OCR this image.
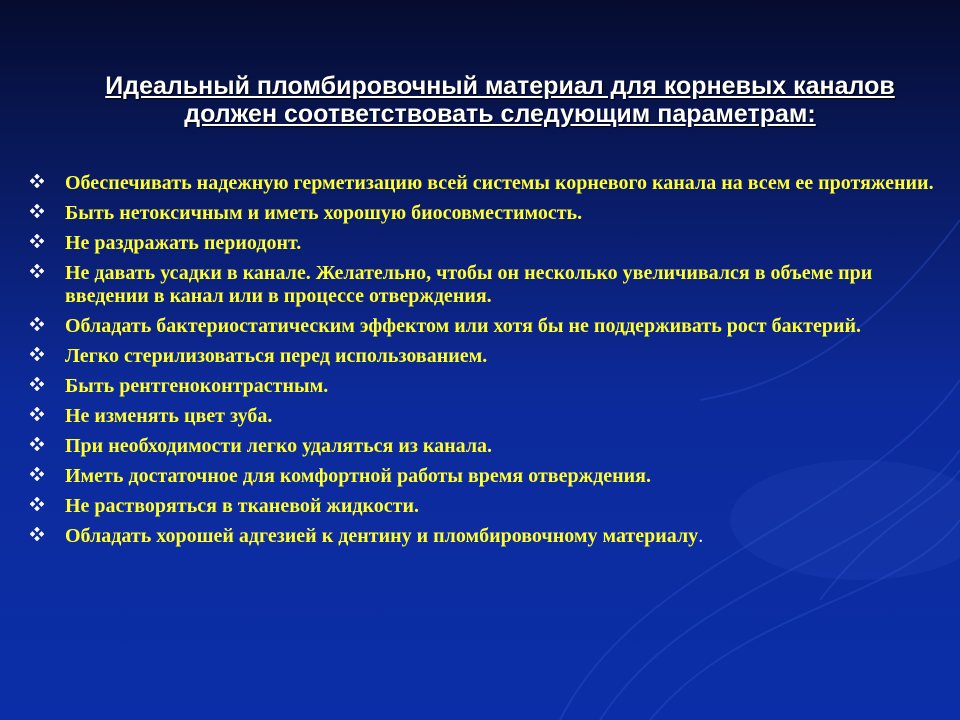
Идеальный пломбировочный материал для корневых каналов
должен соответствовать следующим параметрам:
Обеспечивать надежную герметизацию всей системы корневого канала на всем ее протяжении.
Быть нетоксичным и иметь хорошую биосовместимость.
Не раздражать периодонт.
Не давать усадки в канале. Желательно, чтобы он несколько увеличивался в объеме при введении в канал или в процессе отверждения.
Обладать бактериостатическим эффектом или хотя бы не поддерживать рост бактерий.
Легко стерилизоваться перед использованием.
Быть рентгеноконтрастным.
Не изменять цвет зуба.
При необходимости легко удаляться из канала.
Иметь достаточное для комфортной работы время отверждения.
Не растворяться в тканевой жидкости.
Обладать хорошей адгезией к дентину и пломбировочному материалу.
